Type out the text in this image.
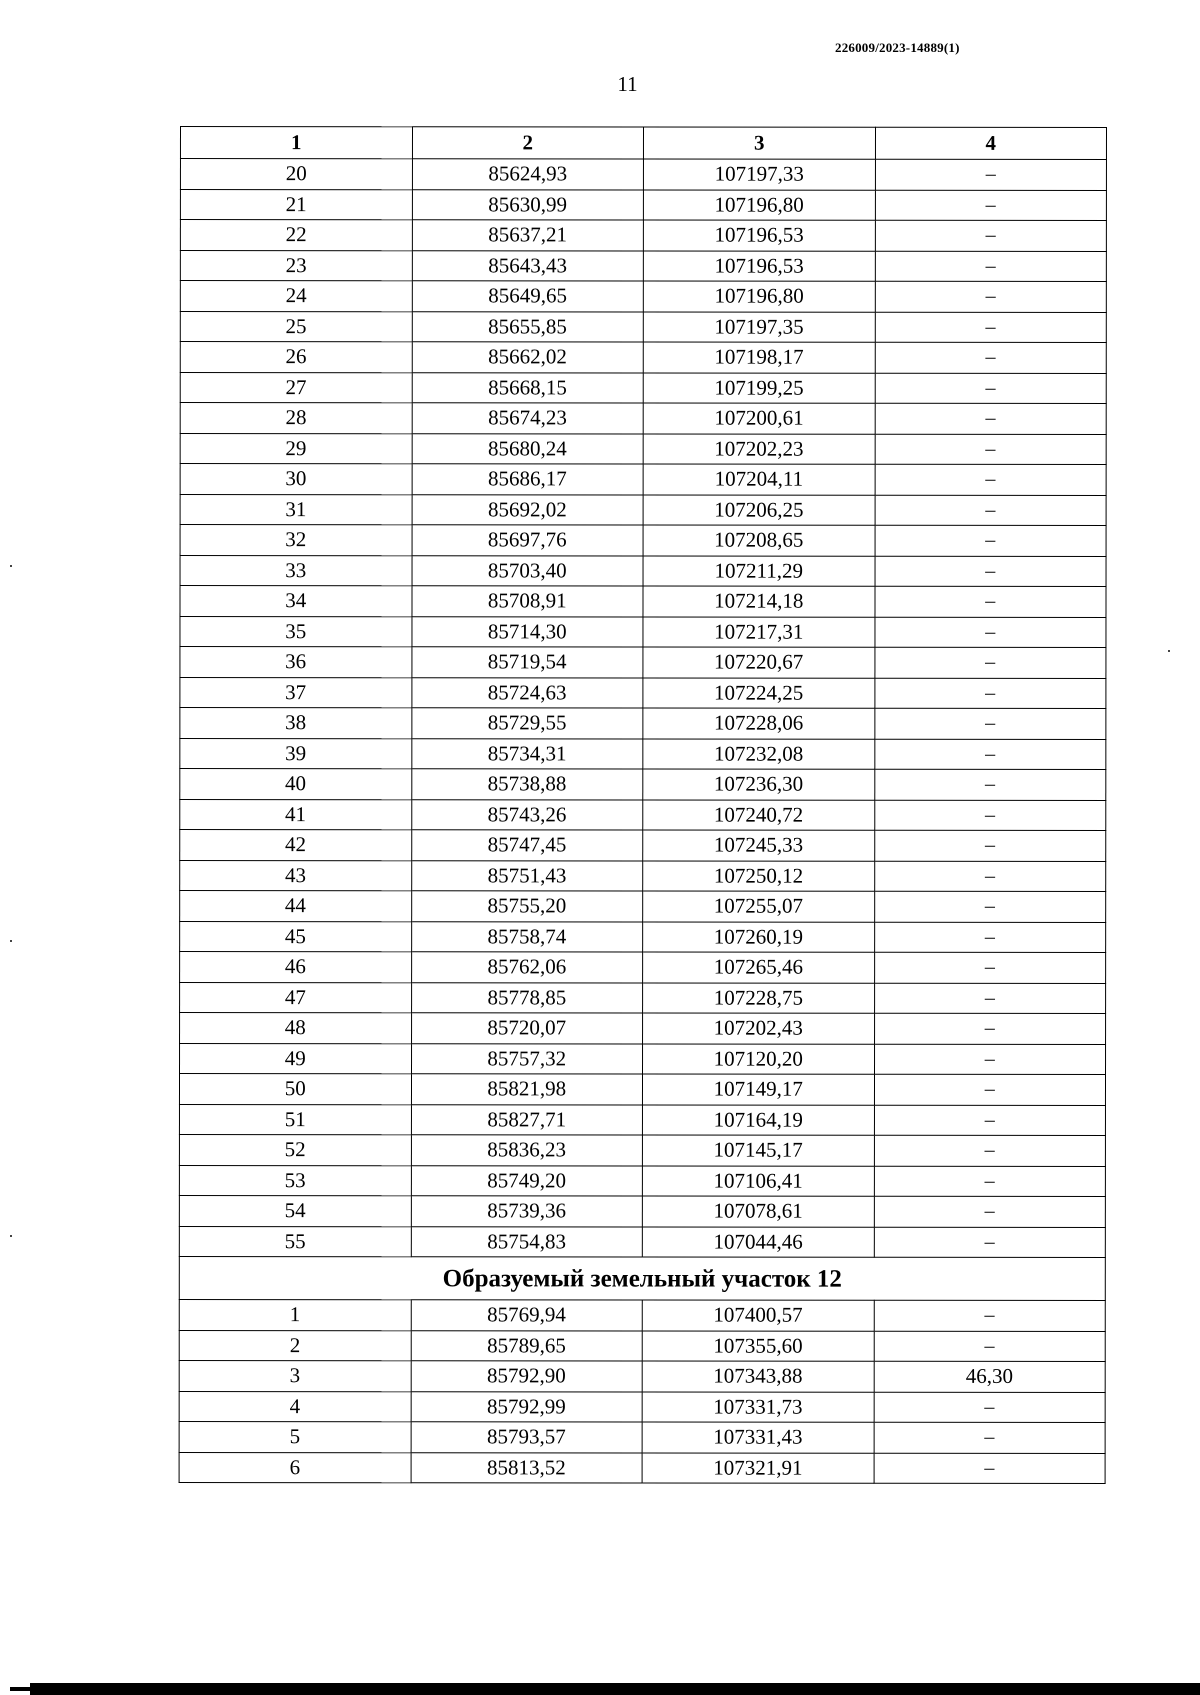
226009/2023-14889(1)
11
1	2	3	4
20	85624,93	107197,33	–
21	85630,99	107196,80	–
22	85637,21	107196,53	–
23	85643,43	107196,53	–
24	85649,65	107196,80	–
25	85655,85	107197,35	–
26	85662,02	107198,17	–
27	85668,15	107199,25	–
28	85674,23	107200,61	–
29	85680,24	107202,23	–
30	85686,17	107204,11	–
31	85692,02	107206,25	–
32	85697,76	107208,65	–
33	85703,40	107211,29	–
34	85708,91	107214,18	–
35	85714,30	107217,31	–
36	85719,54	107220,67	–
37	85724,63	107224,25	–
38	85729,55	107228,06	–
39	85734,31	107232,08	–
40	85738,88	107236,30	–
41	85743,26	107240,72	–
42	85747,45	107245,33	–
43	85751,43	107250,12	–
44	85755,20	107255,07	–
45	85758,74	107260,19	–
46	85762,06	107265,46	–
47	85778,85	107228,75	–
48	85720,07	107202,43	–
49	85757,32	107120,20	–
50	85821,98	107149,17	–
51	85827,71	107164,19	–
52	85836,23	107145,17	–
53	85749,20	107106,41	–
54	85739,36	107078,61	–
55	85754,83	107044,46	–
Образуемый земельный участок 12			
1	85769,94	107400,57	–
2	85789,65	107355,60	–
3	85792,90	107343,88	46,30
4	85792,99	107331,73	–
5	85793,57	107331,43	–
6	85813,52	107321,91	–
